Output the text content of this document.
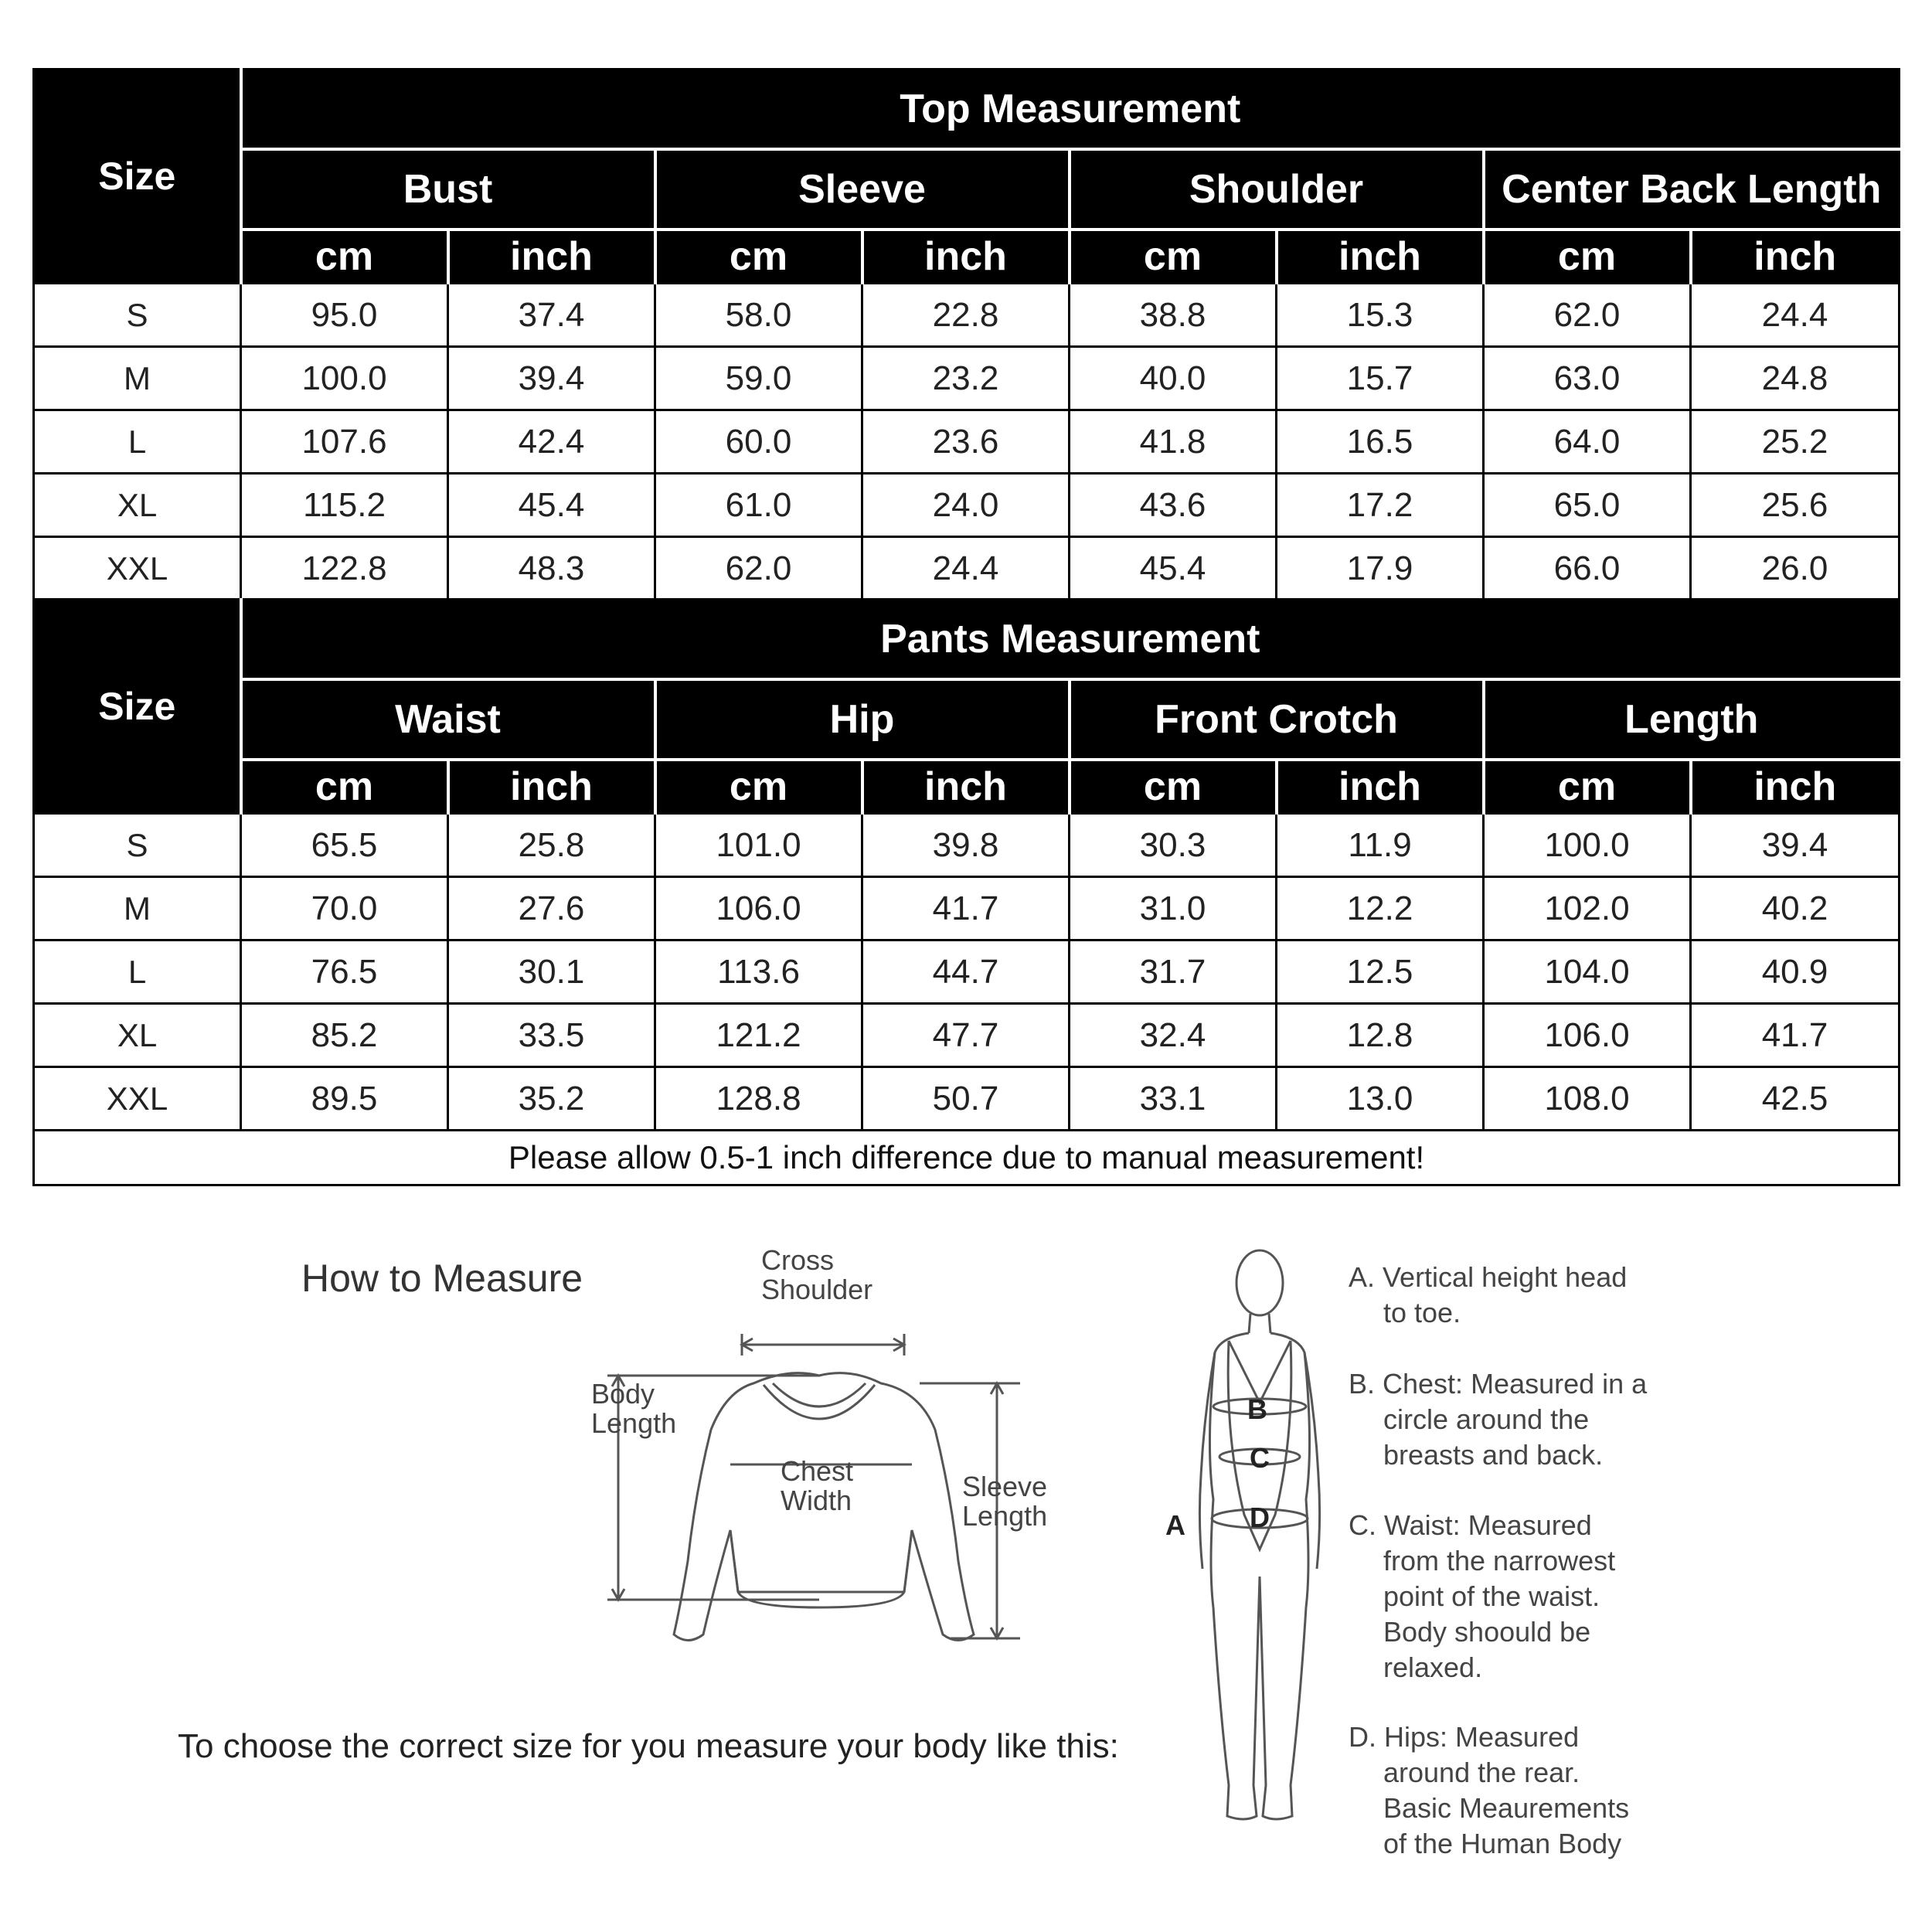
Size	Top Measurement							
	Bust		Sleeve		Shoulder		Center Back Length	
	cm	inch	cm	inch	cm	inch	cm	inch
S	95.0	37.4	58.0	22.8	38.8	15.3	62.0	24.4
M	100.0	39.4	59.0	23.2	40.0	15.7	63.0	24.8
L	107.6	42.4	60.0	23.6	41.8	16.5	64.0	25.2
XL	115.2	45.4	61.0	24.0	43.6	17.2	65.0	25.6
XXL	122.8	48.3	62.0	24.4	45.4	17.9	66.0	26.0
Size	Pants Measurement							
	Waist		Hip		Front Crotch		Length	
	cm	inch	cm	inch	cm	inch	cm	inch
S	65.5	25.8	101.0	39.8	30.3	11.9	100.0	39.4
M	70.0	27.6	106.0	41.7	31.0	12.2	102.0	40.2
L	76.5	30.1	113.6	44.7	31.7	12.5	104.0	40.9
XL	85.2	33.5	121.2	47.7	32.4	12.8	106.0	41.7
XXL	89.5	35.2	128.8	50.7	33.1	13.0	108.0	42.5
Please allow 0.5-1 inch difference due to manual measurement!								
How to Measure
To choose the correct size for you measure your body like this:
Cross
Shoulder
Body
Length
Chest
Width	Sleeve
Length
B
C
D
A
A. Vertical height head
to toe.
B. Chest: Measured in a
circle around the
breasts and back.
C. Waist: Measured
from the narrowest
point of the waist.
Body shoould be
relaxed.
D. Hips: Measured
around the rear.
Basic Meaurements
of the Human Body
